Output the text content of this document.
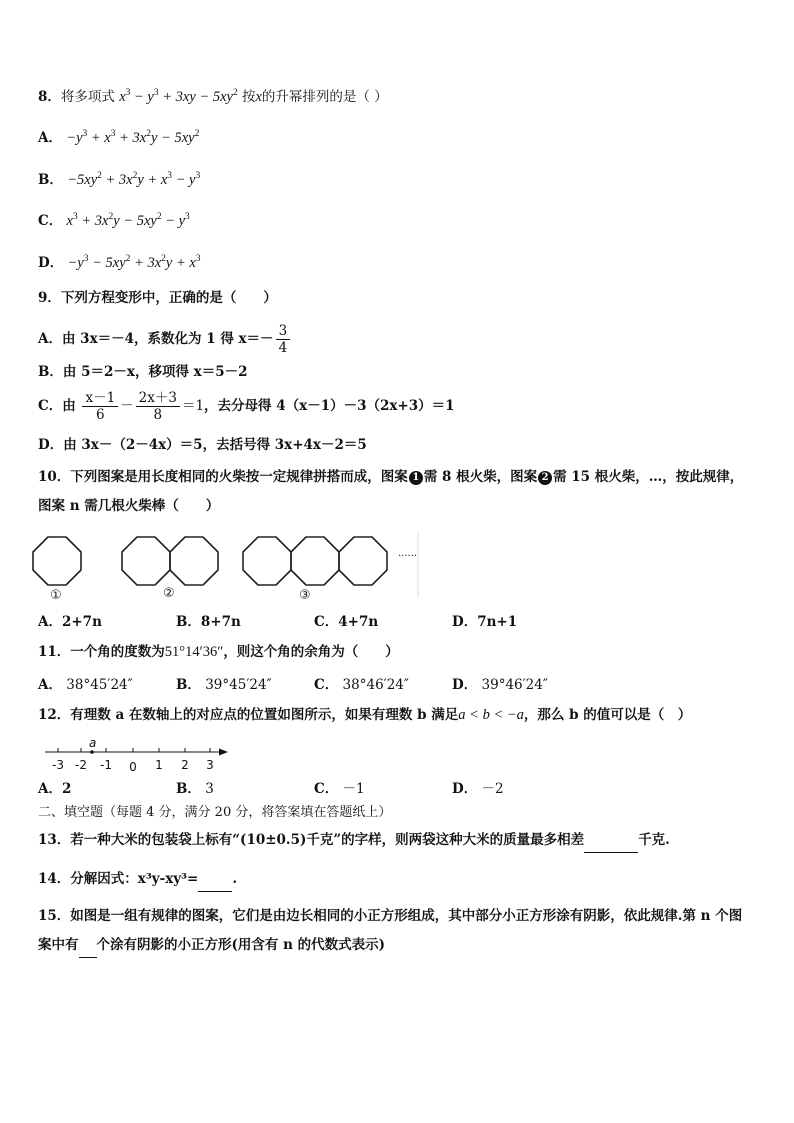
8．将多项式 $x^3 - y^3 + 3xy - 5xy^2$ 按x的升幂排列的是（ ）
A． $-y^3 + x^3 + 3x^2y - 5xy^2$
B． $-5xy^2 + 3x^2y + x^3 - y^3$
C． $x^3 + 3x^2y - 5xy^2 - y^3$
D． $-y^3 - 5xy^2 + 3x^2y + x^3$
9．下列方程变形中，正确的是（　　）
A．由 3x＝－4，系数化为 1 得 $x=- \frac{3}{4}$
B．由 5＝2－x，移项得 x＝5－2
C．由 $\frac{x-1}{6} - \frac{2x+3}{8} =1$，去分母得 4（x－1）－3（2x+3）＝1
D．由 3x－（2－4x）＝5，去括号得 3x+4x－2＝5
10．下列图案是用长度相同的火柴按一定规律拼搭而成，图案 1 需 8 根火柴，图案 2 需 15 根火柴，…，按此规律，
图案 n 需几根火柴棒（　　）
......
①	②	③
A．2+7n	B．8+7n	C．4+7n	D．7n+1
11．一个角的度数为51°14′36″，则这个角的余角为（　　）
A． 38°45′24″	B． 39°45′24″	C． 38°46′24″	D． 39°46′24″
12．有理数 a 在数轴上的对应点的位置如图所示，如果有理数 b 满足a < b < −a，那么 b 的值可以是（　）
a
-3 -2 -1 0 1 2 3
A．2	B． 3	C． －1	D． －2
二、填空题（每题 4 分，满分 20 分，将答案填在答题纸上）
13．若一种大米的包装袋上标有“(10±0.5)千克”的字样，则两袋这种大米的质量最多相差	千克.
14．分解因式：x³y-xy³=	.
15．如图是一组有规律的图案，它们是由边长相同的小正方形组成，其中部分小正方形涂有阴影，依此规律.第 n 个图
案中有 个涂有阴影的小正方形(用含有 n 的代数式表示)
